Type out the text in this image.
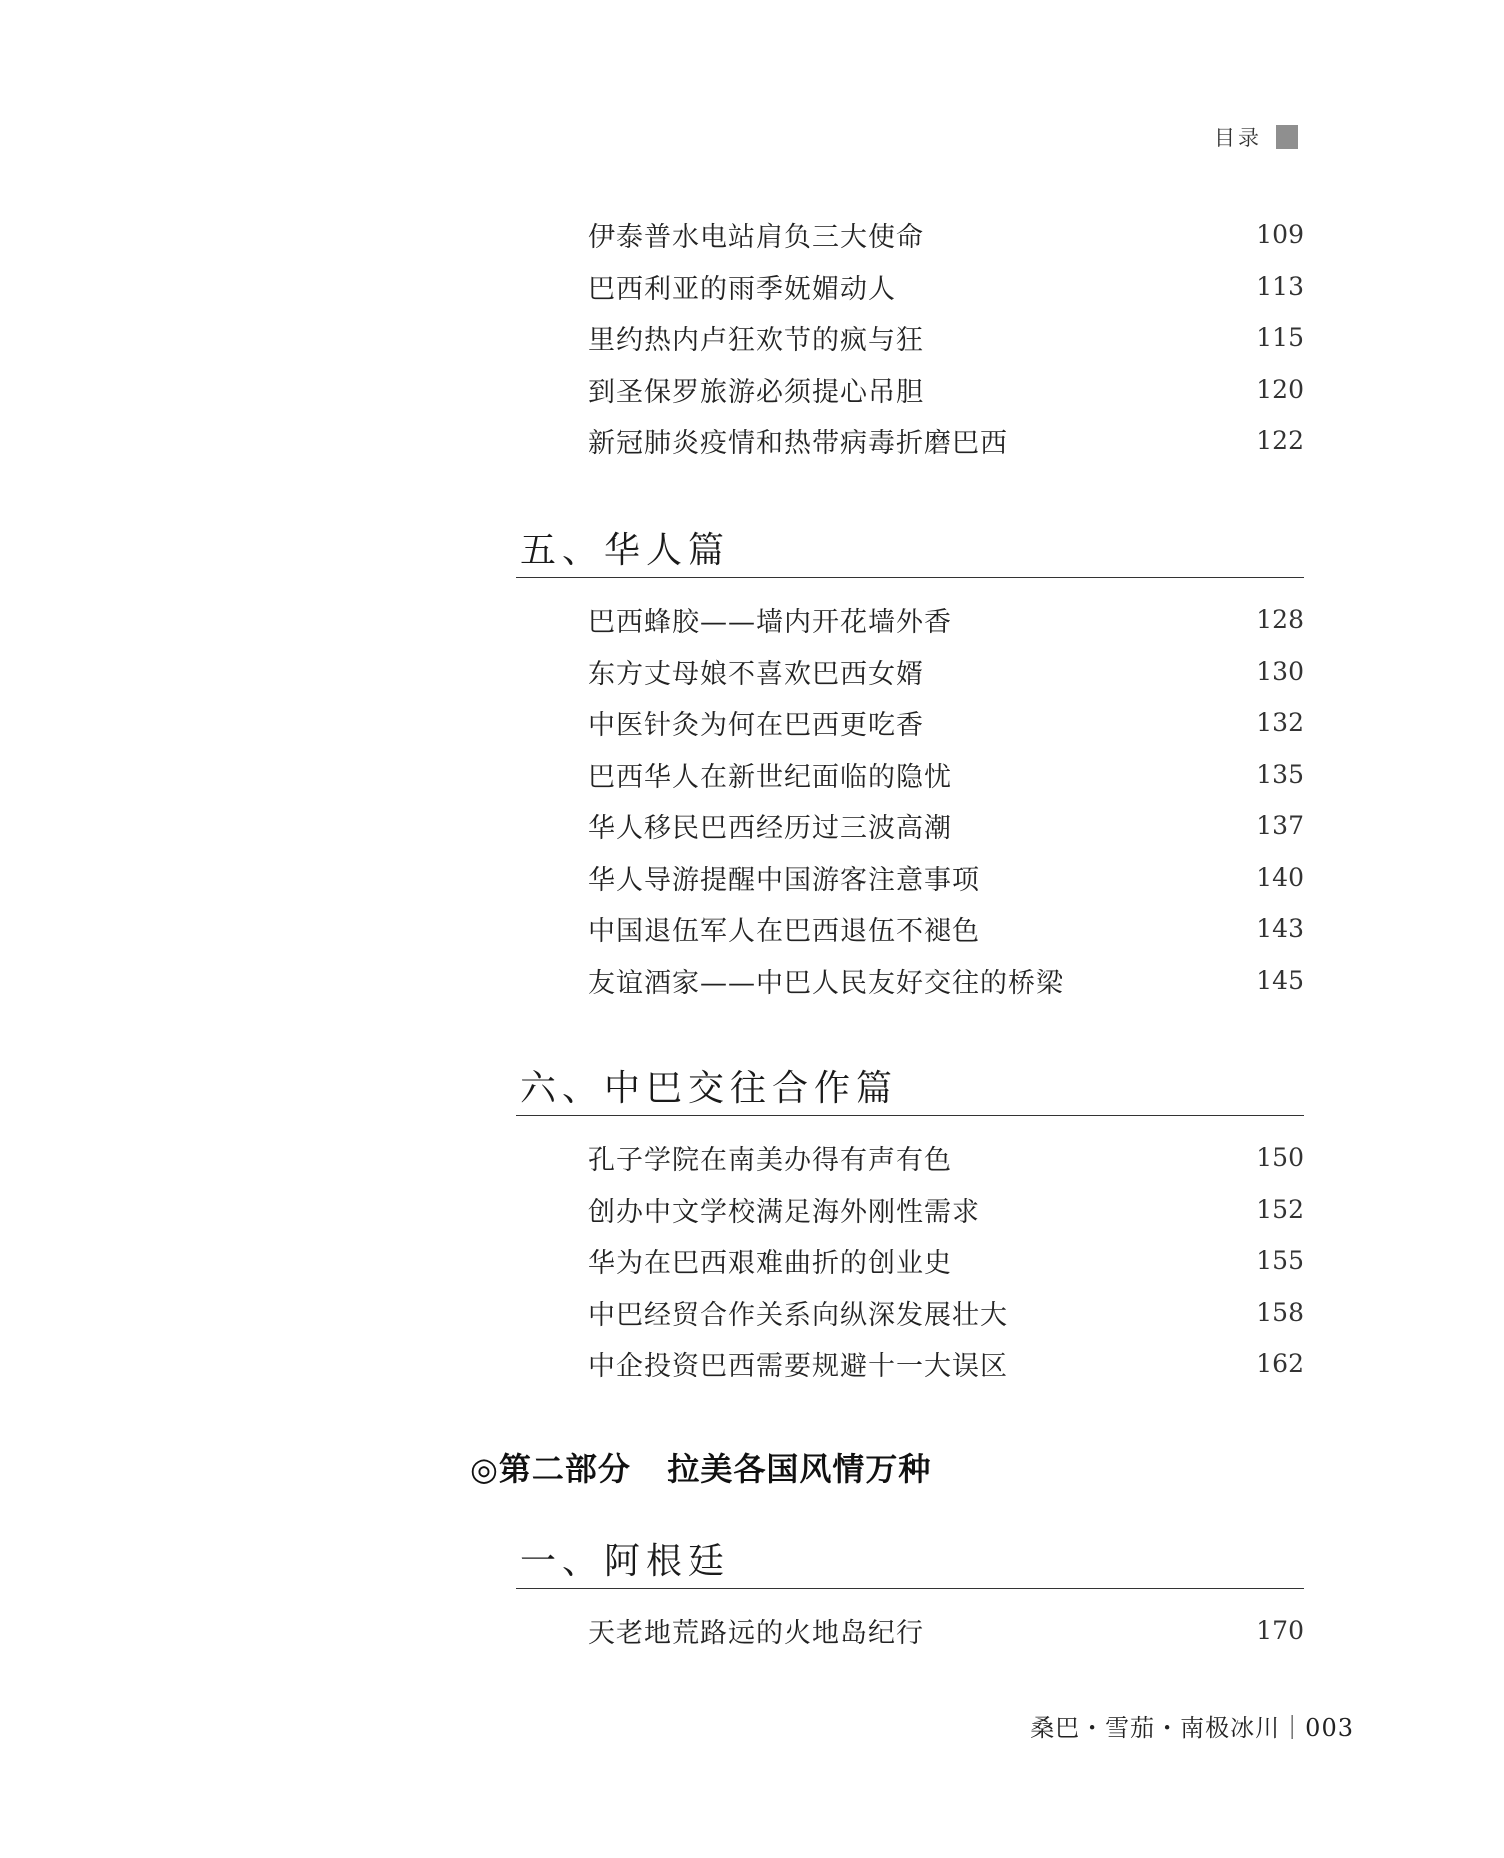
目录
伊泰普水电站肩负三大使命	109
巴西利亚的雨季妩媚动人	113
里约热内卢狂欢节的疯与狂	115
到圣保罗旅游必须提心吊胆	120
新冠肺炎疫情和热带病毒折磨巴西	122
五、华人篇
巴西蜂胶——墙内开花墙外香	128
东方丈母娘不喜欢巴西女婿	130
中医针灸为何在巴西更吃香	132
巴西华人在新世纪面临的隐忧	135
华人移民巴西经历过三波高潮	137
华人导游提醒中国游客注意事项	140
中国退伍军人在巴西退伍不褪色	143
友谊酒家——中巴人民友好交往的桥梁	145
六、中巴交往合作篇
孔子学院在南美办得有声有色	150
创办中文学校满足海外刚性需求	152
华为在巴西艰难曲折的创业史	155
中巴经贸合作关系向纵深发展壮大	158
中企投资巴西需要规避十一大误区	162
◎第二部分   拉美各国风情万种
一、阿根廷
天老地荒路远的火地岛纪行	170
桑巴・雪茄・南极冰川｜003
